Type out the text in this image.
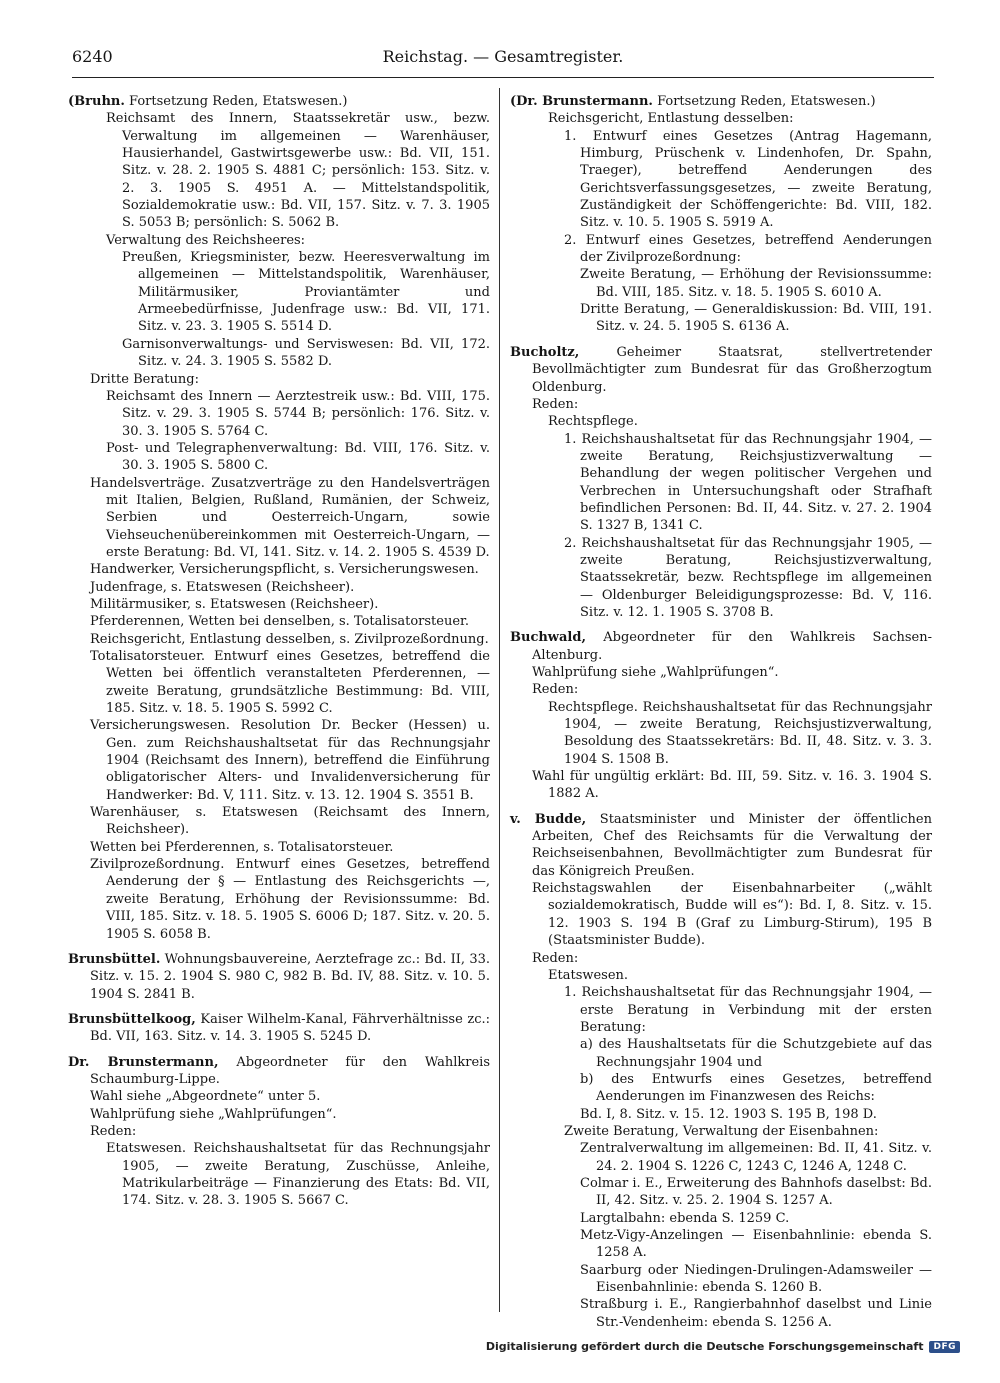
6240	Reichstag. — Gesamtregister.
(Bruhn. Fortsetzung Reden, Etatswesen.)
Reichsamt des Innern, Staatssekretär usw., bezw. Verwaltung im allgemeinen — Warenhäuser, Hausierhandel, Gastwirtsgewerbe usw.: Bd. VII, 151. Sitz. v. 28. 2. 1905 S. 4881 C; persönlich: 153. Sitz. v. 2. 3. 1905 S. 4951 A. — Mittelstandspolitik, Sozialdemokratie usw.: Bd. VII, 157. Sitz. v. 7. 3. 1905 S. 5053 B; persönlich: S. 5062 B.
Verwaltung des Reichsheeres:
Preußen, Kriegsminister, bezw. Heeresverwaltung im allgemeinen — Mittelstandspolitik, Warenhäuser, Militärmusiker, Proviantämter und Armeebedürfnisse, Judenfrage usw.: Bd. VII, 171. Sitz. v. 23. 3. 1905 S. 5514 D.
Garnisonverwaltungs- und Serviswesen: Bd. VII, 172. Sitz. v. 24. 3. 1905 S. 5582 D.
Dritte Beratung:
Reichsamt des Innern — Aerztestreik usw.: Bd. VIII, 175. Sitz. v. 29. 3. 1905 S. 5744 B; persönlich: 176. Sitz. v. 30. 3. 1905 S. 5764 C.
Post- und Telegraphenverwaltung: Bd. VIII, 176. Sitz. v. 30. 3. 1905 S. 5800 C.
Handelsverträge. Zusatzverträge zu den Handelsverträgen mit Italien, Belgien, Rußland, Rumänien, der Schweiz, Serbien und Oesterreich-Ungarn, sowie Viehseuchenübereinkommen mit Oesterreich-Ungarn, — erste Beratung: Bd. VI, 141. Sitz. v. 14. 2. 1905 S. 4539 D.
Handwerker, Versicherungspflicht, s. Versicherungswesen.
Judenfrage, s. Etatswesen (Reichsheer).
Militärmusiker, s. Etatswesen (Reichsheer).
Pferderennen, Wetten bei denselben, s. Totalisatorsteuer.
Reichsgericht, Entlastung desselben, s. Zivilprozeßordnung.
Totalisatorsteuer. Entwurf eines Gesetzes, betreffend die Wetten bei öffentlich veranstalteten Pferderennen, — zweite Beratung, grundsätzliche Bestimmung: Bd. VIII, 185. Sitz. v. 18. 5. 1905 S. 5992 C.
Versicherungswesen. Resolution Dr. Becker (Hessen) u. Gen. zum Reichshaushaltsetat für das Rechnungsjahr 1904 (Reichsamt des Innern), betreffend die Einführung obligatorischer Alters- und Invalidenversicherung für Handwerker: Bd. V, 111. Sitz. v. 13. 12. 1904 S. 3551 B.
Warenhäuser, s. Etatswesen (Reichsamt des Innern, Reichsheer).
Wetten bei Pferderennen, s. Totalisatorsteuer.
Zivilprozeßordnung. Entwurf eines Gesetzes, betreffend Aenderung der § — Entlastung des Reichsgerichts —, zweite Beratung, Erhöhung der Revisionssumme: Bd. VIII, 185. Sitz. v. 18. 5. 1905 S. 6006 D; 187. Sitz. v. 20. 5. 1905 S. 6058 B.
Brunsbüttel. Wohnungsbauvereine, Aerztefrage zc.: Bd. II, 33. Sitz. v. 15. 2. 1904 S. 980 C, 982 B. Bd. IV, 88. Sitz. v. 10. 5. 1904 S. 2841 B.
Brunsbüttelkoog, Kaiser Wilhelm-Kanal, Fährverhältnisse zc.: Bd. VII, 163. Sitz. v. 14. 3. 1905 S. 5245 D.
Dr. Brunstermann, Abgeordneter für den Wahlkreis Schaumburg-Lippe.
Wahl siehe „Abgeordnete“ unter 5.
Wahlprüfung siehe „Wahlprüfungen“.
Reden:
Etatswesen. Reichshaushaltsetat für das Rechnungsjahr 1905, — zweite Beratung, Zuschüsse, Anleihe, Matrikularbeiträge — Finanzierung des Etats: Bd. VII, 174. Sitz. v. 28. 3. 1905 S. 5667 C.
(Dr. Brunstermann. Fortsetzung Reden, Etatswesen.)
Reichsgericht, Entlastung desselben:
1. Entwurf eines Gesetzes (Antrag Hagemann, Himburg, Prüschenk v. Lindenhofen, Dr. Spahn, Traeger), betreffend Aenderungen des Gerichtsverfassungsgesetzes, — zweite Beratung, Zuständigkeit der Schöffengerichte: Bd. VIII, 182. Sitz. v. 10. 5. 1905 S. 5919 A.
2. Entwurf eines Gesetzes, betreffend Aenderungen der Zivilprozeßordnung:
Zweite Beratung, — Erhöhung der Revisionssumme: Bd. VIII, 185. Sitz. v. 18. 5. 1905 S. 6010 A.
Dritte Beratung, — Generaldiskussion: Bd. VIII, 191. Sitz. v. 24. 5. 1905 S. 6136 A.
Bucholtz, Geheimer Staatsrat, stellvertretender Bevollmächtigter zum Bundesrat für das Großherzogtum Oldenburg.
Reden:
Rechtspflege.
1. Reichshaushaltsetat für das Rechnungsjahr 1904, — zweite Beratung, Reichsjustizverwaltung — Behandlung der wegen politischer Vergehen und Verbrechen in Untersuchungshaft oder Strafhaft befindlichen Personen: Bd. II, 44. Sitz. v. 27. 2. 1904 S. 1327 B, 1341 C.
2. Reichshaushaltsetat für das Rechnungsjahr 1905, — zweite Beratung, Reichsjustizverwaltung, Staatssekretär, bezw. Rechtspflege im allgemeinen — Oldenburger Beleidigungsprozesse: Bd. V, 116. Sitz. v. 12. 1. 1905 S. 3708 B.
Buchwald, Abgeordneter für den Wahlkreis Sachsen-Altenburg.
Wahlprüfung siehe „Wahlprüfungen“.
Reden:
Rechtspflege. Reichshaushaltsetat für das Rechnungsjahr 1904, — zweite Beratung, Reichsjustizverwaltung, Besoldung des Staatssekretärs: Bd. II, 48. Sitz. v. 3. 3. 1904 S. 1508 B.
Wahl für ungültig erklärt: Bd. III, 59. Sitz. v. 16. 3. 1904 S. 1882 A.
v. Budde, Staatsminister und Minister der öffentlichen Arbeiten, Chef des Reichsamts für die Verwaltung der Reichseisenbahnen, Bevollmächtigter zum Bundesrat für das Königreich Preußen.
Reichstagswahlen der Eisenbahnarbeiter („wählt sozialdemokratisch, Budde will es“): Bd. I, 8. Sitz. v. 15. 12. 1903 S. 194 B (Graf zu Limburg-Stirum), 195 B (Staatsminister Budde).
Reden:
Etatswesen.
1. Reichshaushaltsetat für das Rechnungsjahr 1904, — erste Beratung in Verbindung mit der ersten Beratung:
a) des Haushaltsetats für die Schutzgebiete auf das Rechnungsjahr 1904 und
b) des Entwurfs eines Gesetzes, betreffend Aenderungen im Finanzwesen des Reichs:
Bd. I, 8. Sitz. v. 15. 12. 1903 S. 195 B, 198 D.
Zweite Beratung, Verwaltung der Eisenbahnen:
Zentralverwaltung im allgemeinen: Bd. II, 41. Sitz. v. 24. 2. 1904 S. 1226 C, 1243 C, 1246 A, 1248 C.
Colmar i. E., Erweiterung des Bahnhofs daselbst: Bd. II, 42. Sitz. v. 25. 2. 1904 S. 1257 A.
Largtalbahn: ebenda S. 1259 C.
Metz-Vigy-Anzelingen — Eisenbahnlinie: ebenda S. 1258 A.
Saarburg oder Niedingen-Drulingen-Adamsweiler — Eisenbahnlinie: ebenda S. 1260 B.
Straßburg i. E., Rangierbahnhof daselbst und Linie Str.-Vendenheim: ebenda S. 1256 A.
Digitalisierung gefördert durch die Deutsche Forschungsgemeinschaft	DFG
